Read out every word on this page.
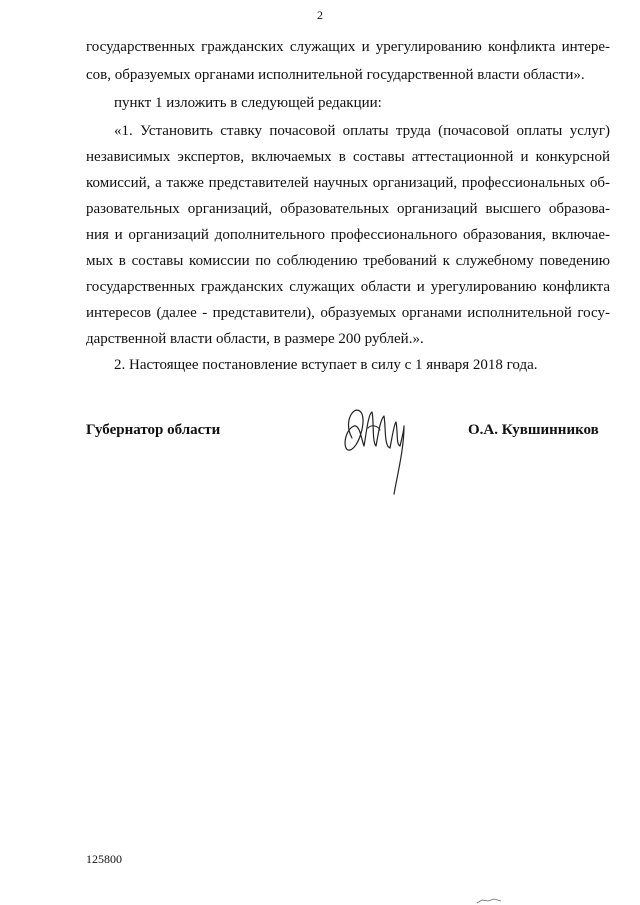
2
государственных гражданских служащих и урегулированию конфликта интере-
сов, образуемых органами исполнительной государственной власти области».
пункт 1 изложить в следующей редакции:
«1. Установить ставку почасовой оплаты труда (почасовой оплаты услуг)
независимых экспертов, включаемых в составы аттестационной и конкурсной
комиссий, а также представителей научных организаций, профессиональных об-
разовательных организаций, образовательных организаций высшего образова-
ния и организаций дополнительного профессионального образования, включае-
мых в составы комиссии по соблюдению требований к служебному поведению
государственных гражданских служащих области и урегулированию конфликта
интересов (далее - представители), образуемых органами исполнительной госу-
дарственной власти области, в размере 200 рублей.».
2. Настоящее постановление вступает в силу с 1 января 2018 года.
Губернатор области	О.А. Кувшинников
125800
